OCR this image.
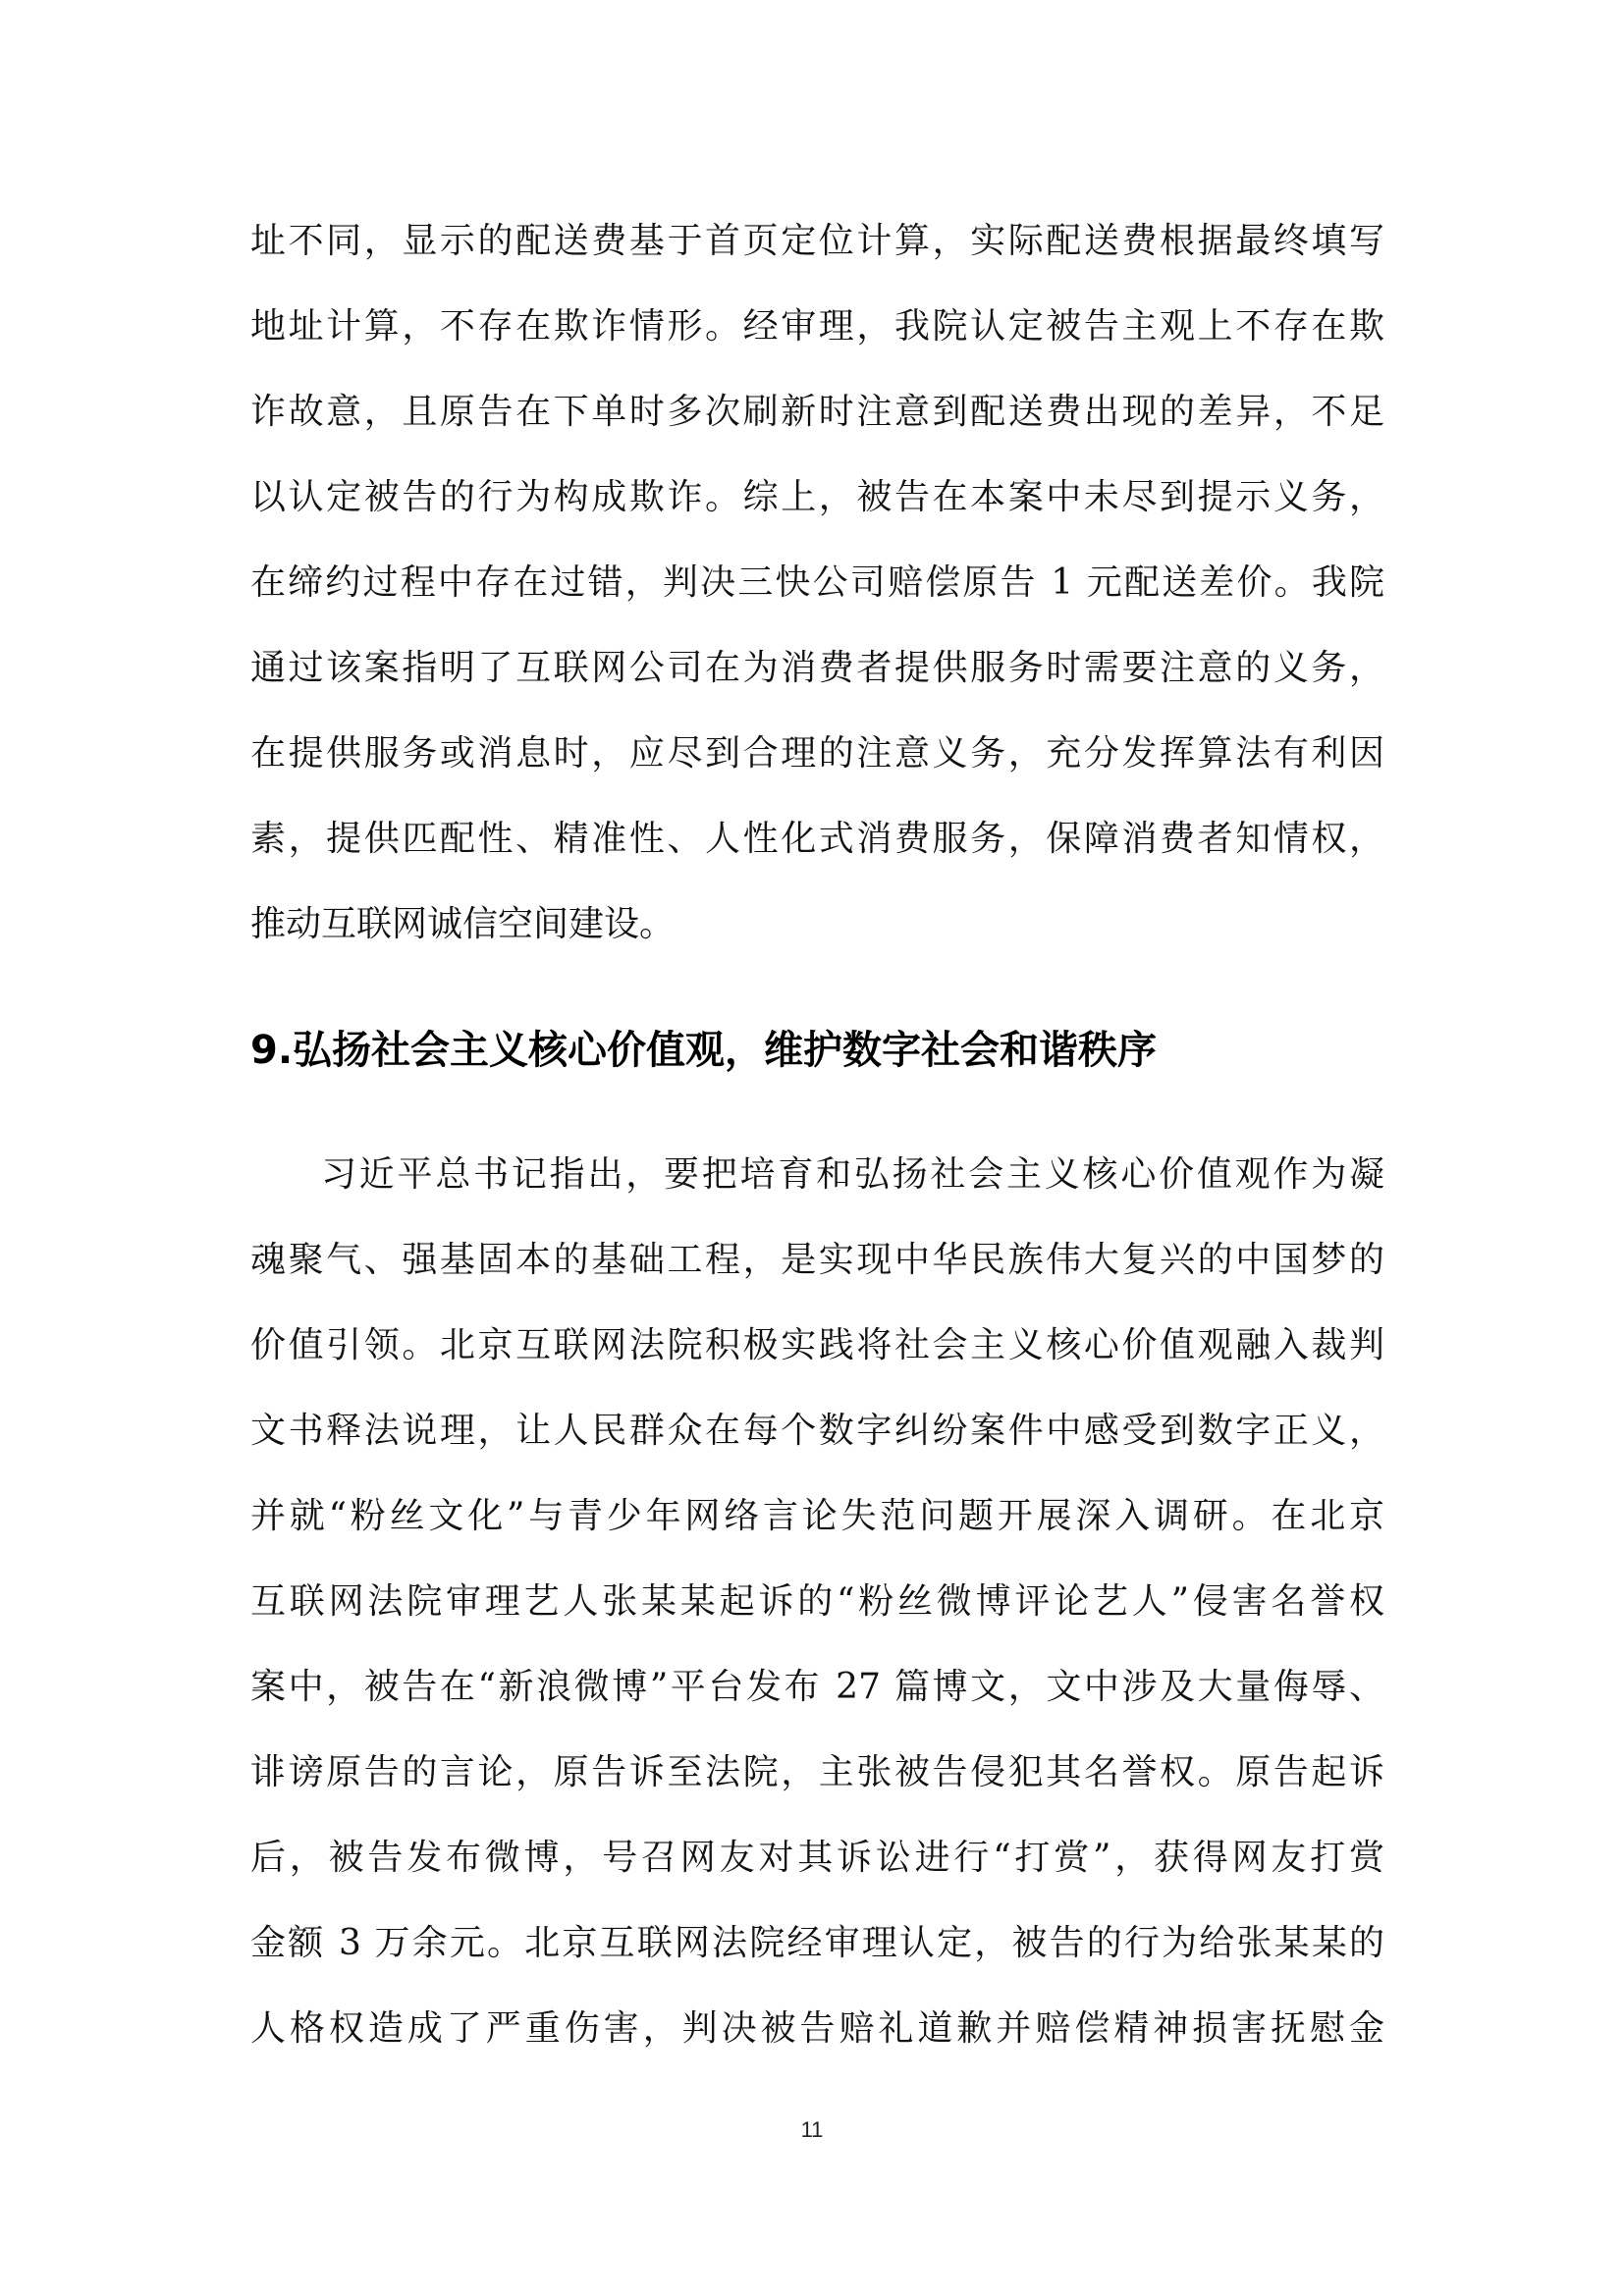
址不同，显示的配送费基于首页定位计算，实际配送费根据最终填写
地址计算，不存在欺诈情形。经审理，我院认定被告主观上不存在欺
诈故意，且原告在下单时多次刷新时注意到配送费出现的差异，不足
以认定被告的行为构成欺诈。综上，被告在本案中未尽到提示义务，
在缔约过程中存在过错，判决三快公司赔偿原告 1 元配送差价。我院
通过该案指明了互联网公司在为消费者提供服务时需要注意的义务，
在提供服务或消息时，应尽到合理的注意义务，充分发挥算法有利因
素，提供匹配性、精准性、人性化式消费服务，保障消费者知情权，
推动互联网诚信空间建设。
9.弘扬社会主义核心价值观，维护数字社会和谐秩序
习近平总书记指出，要把培育和弘扬社会主义核心价值观作为凝
魂聚气、强基固本的基础工程，是实现中华民族伟大复兴的中国梦的
价值引领。北京互联网法院积极实践将社会主义核心价值观融入裁判
文书释法说理，让人民群众在每个数字纠纷案件中感受到数字正义，
并就“粉丝文化”与青少年网络言论失范问题开展深入调研。在北京
互联网法院审理艺人张某某起诉的“粉丝微博评论艺人”侵害名誉权
案中，被告在“新浪微博”平台发布 27 篇博文，文中涉及大量侮辱、
诽谤原告的言论，原告诉至法院，主张被告侵犯其名誉权。原告起诉
后，被告发布微博，号召网友对其诉讼进行“打赏”，获得网友打赏
金额 3 万余元。北京互联网法院经审理认定，被告的行为给张某某的
人格权造成了严重伤害，判决被告赔礼道歉并赔偿精神损害抚慰金
11
